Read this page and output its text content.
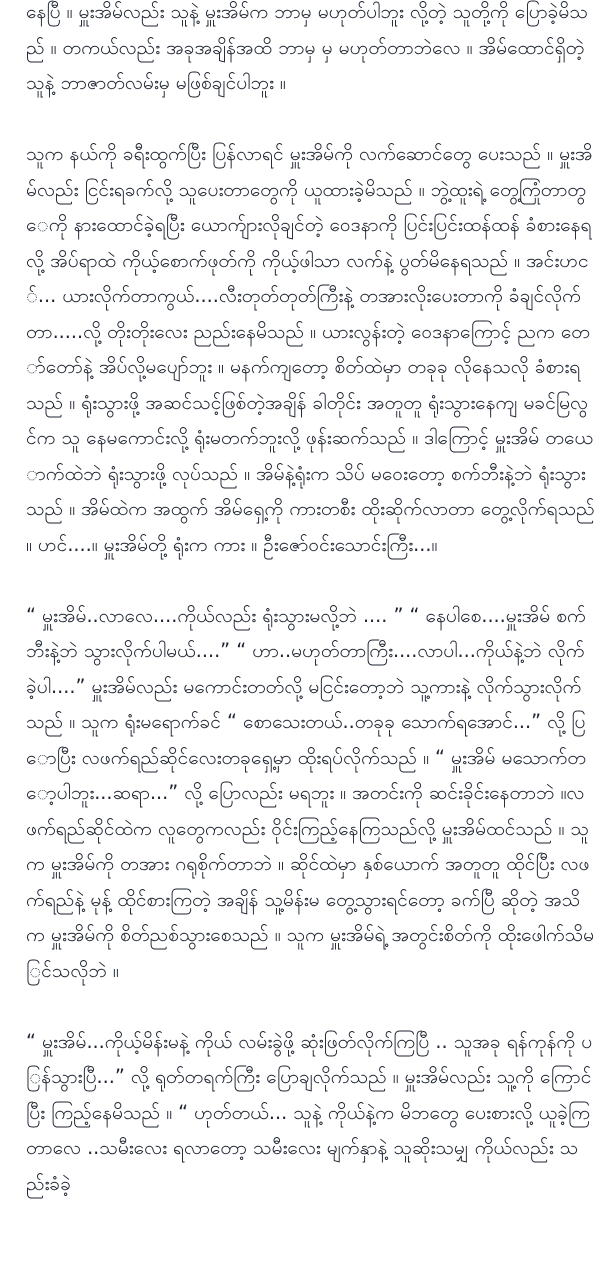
နေပြီ ။ မှူးအိမ်လည်း သူနဲ့ မှူးအိမ်က ဘာမှ မဟုတ်ပါဘူး လို့တဲ့ သူတို့ကို ပြောခဲ့မိသည် ။ တကယ်လည်း အခုအချိန်အထိ ဘာမှ မှ မဟုတ်တာဘဲလေ ။ အိမ်ထောင်ရှိတဲ့ သူနဲ့ ဘာဇာတ်လမ်းမှ မဖြစ်ချင်ပါဘူး ။

သူက နယ်ကို ခရီးထွက်ပြီး ပြန်လာရင် မှူးအိမ်ကို လက်ဆောင်တွေ ပေးသည် ။ မှူးအိမ်လည်း ငြင်းရခက်လို့ သူပေးတာတွေကို ယူထားခဲ့မိသည် ။ ဘွဲ့ထူးရဲ့ တွေ့ကြုံတာတွေကို နားထောင်ခဲ့ရပြီး ယောက်ျားလိုချင်တဲ့ ဝေဒနာကို ပြင်းပြင်းထန်ထန် ခံစားနေရလို့ အိပ်ရာထဲ ကိုယ့်စောက်ဖုတ်ကို ကိုယ့်ဖါသာ လက်နဲ့ ပွတ်မိနေရသည် ။ အင်းဟင်... ယားလိုက်တာကွယ်....လီးတုတ်တုတ်ကြီးနဲ့ တအားလိုးပေးတာကို ခံချင်လိုက်တာ.....လို့ တိုးတိုးလေး ညည်းနေမိသည် ။ ယားလွန်းတဲ့ ဝေဒနာကြောင့် ညက တော်တော်နဲ့ အိပ်လို့မပျော်ဘူး ။ မနက်ကျတော့ စိတ်ထဲမှာ တခုခု လိုနေသလို ခံစားရသည် ။ ရုံးသွားဖို့ အဆင်သင့်ဖြစ်တဲ့အချိန် ခါတိုင်း အတူတူ ရုံးသွားနေကျ မခင်မြလွင်က သူ နေမကောင်းလို့ ရုံးမတက်ဘူးလို့ ဖုန်းဆက်သည် ။ ဒါကြောင့် မှူးအိမ် တယောက်ထဲဘဲ ရုံးသွားဖို့ လုပ်သည် ။ အိမ်နဲ့ရုံးက သိပ် မဝေးတော့ စက်ဘီးနဲ့ဘဲ ရုံးသွားသည် ။ အိမ်ထဲက အထွက် အိမ်ရှေ့ကို ကားတစီး ထိုးဆိုက်လာတာ တွေ့လိုက်ရသည် ။ ဟင်....။ မှူးအိမ်တို့ ရုံးက ကား ။ ဦးဇော်ဝင်းသောင်းကြီး...။

“ မှူးအိမ်..လာလေ....ကိုယ်လည်း ရုံးသွားမလို့ဘဲ .... ” “ နေပါစေ....မှူးအိမ် စက်ဘီးနဲ့ဘဲ သွားလိုက်ပါမယ်....” “ ဟာ..မဟုတ်တာကြီး....လာပါ...ကိုယ်နဲ့ဘဲ လိုက်ခဲ့ပါ....” မှူးအိမ်လည်း မကောင်းတတ်လို့ မငြင်းတော့ဘဲ သူ့ကားနဲ့ လိုက်သွားလိုက်သည် ။ သူက ရုံးမရောက်ခင် “ စောသေးတယ်..တခုခု သောက်ရအောင်...” လို့ ပြောပြီး လဖက်ရည်ဆိုင်လေးတခုရှေ့မှာ ထိုးရပ်လိုက်သည် ။ “ မှူးအိမ် မသောက်တော့ပါဘူး...ဆရာ...” လို့ ပြောလည်း မရဘူး ။ အတင်းကို ဆင်းခိုင်းနေတာဘဲ ။လဖက်ရည်ဆိုင်ထဲက လူတွေကလည်း ဝိုင်းကြည့်နေကြသည်လို့ မှူးအိမ်ထင်သည် ။ သူက မှူးအိမ်ကို တအား ဂရုစိုက်တာဘဲ ။ ဆိုင်ထဲမှာ နှစ်ယောက် အတူတူ ထိုင်ပြီး လဖက်ရည်နဲ့ မုန့် ထိုင်စားကြတဲ့ အချိန် သူ့မိန်းမ တွေ့သွားရင်တော့ ခက်ပြီ ဆိုတဲ့ အသိက မှူးအိမ်ကို စိတ်ညစ်သွားစေသည် ။ သူက မှူးအိမ်ရဲ့ အတွင်းစိတ်ကို ထိုးဖေါက်သိမြင်သလိုဘဲ ။

“ မှူးအိမ်...ကိုယ့်မိန်းမနဲ့ ကိုယ် လမ်းခွဲဖို့ ဆုံးဖြတ်လိုက်ကြပြီ .. သူအခု ရန်ကုန်ကို ပြန်သွားပြီ...” လို့ ရုတ်တရက်ကြီး ပြောချလိုက်သည် ။ မှူးအိမ်လည်း သူ့ကို ကြောင်ပြီး ကြည့်နေမိသည် ။ “ ဟုတ်တယ်... သူနဲ့ ကိုယ်နဲ့က မိဘတွေ ပေးစားလို့ ယူခဲ့ကြတာလေ ..သမီးလေး ရလာတော့ သမီးလေး မျက်နှာနဲ့ သူဆိုးသမျှ ကိုယ်လည်း သည်းခံခဲ့
